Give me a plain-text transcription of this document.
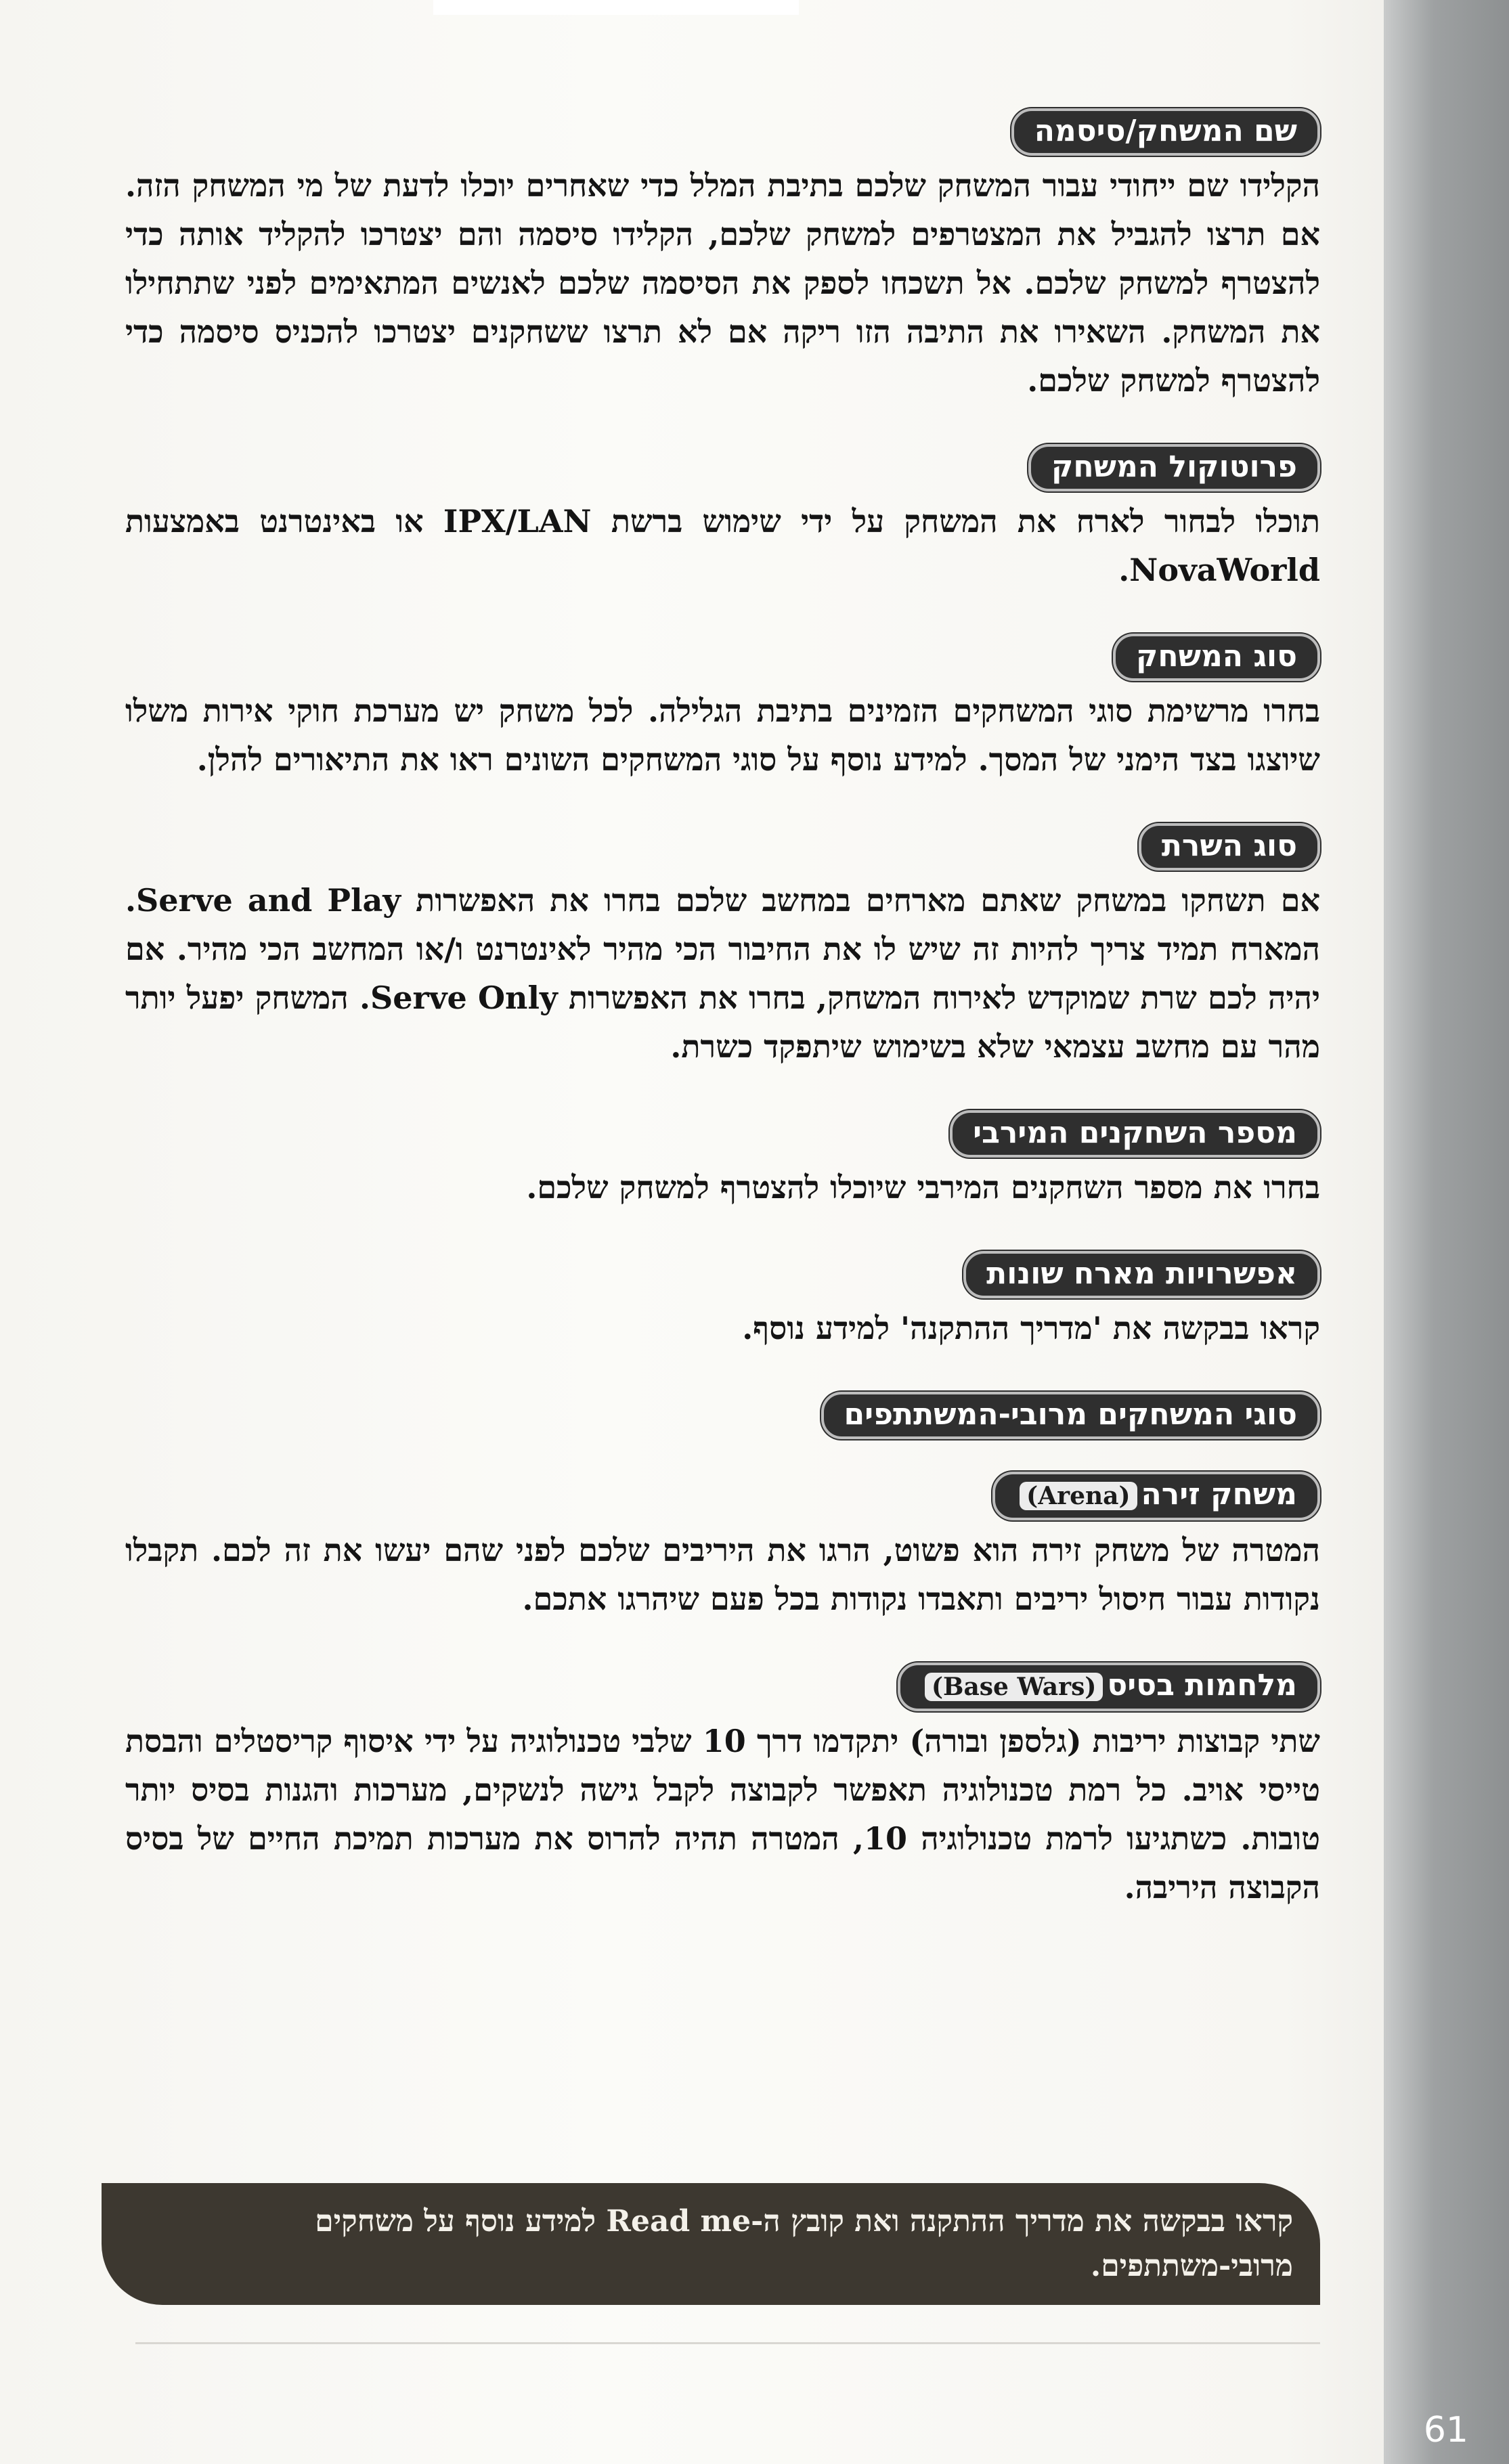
שם המשחק/סיסמה
הקלידו שם ייחודי עבור המשחק שלכם בתיבת המלל כדי שאחרים יוכלו לדעת של מי המשחק הזה. אם תרצו להגביל את המצטרפים למשחק שלכם, הקלידו סיסמה והם יצטרכו להקליד אותה כדי להצטרף למשחק שלכם. אל תשכחו לספק את הסיסמה שלכם לאנשים המתאימים לפני שתתחילו את המשחק. השאירו את התיבה הזו ריקה אם לא תרצו ששחקנים יצטרכו להכניס סיסמה כדי להצטרף למשחק שלכם.
פרוטוקול המשחק
תוכלו לבחור לארח את המשחק על ידי שימוש ברשת IPX/LAN או באינטרנט באמצעות NovaWorld.
סוג המשחק
בחרו מרשימת סוגי המשחקים הזמינים בתיבת הגלילה. לכל משחק יש מערכת חוקי אירות משלו שיוצגו בצד הימני של המסך. למידע נוסף על סוגי המשחקים השונים ראו את התיאורים להלן.
סוג השרת
אם תשחקו במשחק שאתם מארחים במחשב שלכם בחרו את האפשרות Serve and Play. המארח תמיד צריך להיות זה שיש לו את החיבור הכי מהיר לאינטרנט ו/או המחשב הכי מהיר. אם יהיה לכם שרת שמוקדש לאירוח המשחק, בחרו את האפשרות Serve Only. המשחק יפעל יותר מהר עם מחשב עצמאי שלא בשימוש שיתפקד כשרת.
מספר השחקנים המירבי
בחרו את מספר השחקנים המירבי שיוכלו להצטרף למשחק שלכם.
אפשרויות מארח שונות
קראו בבקשה את 'מדריך ההתקנה' למידע נוסף.
סוגי המשחקים מרובי-המשתתפים
משחק זירה(Arena)
המטרה של משחק זירה הוא פשוט, הרגו את היריבים שלכם לפני שהם יעשו את זה לכם. תקבלו נקודות עבור חיסול יריבים ותאבדו נקודות בכל פעם שיהרגו אתכם.
מלחמות בסיס(Base Wars)
שתי קבוצות יריבות (גלספן ובורה) יתקדמו דרך 10 שלבי טכנולוגיה על ידי איסוף קריסטלים והבסת טייסי אויב. כל רמת טכנולוגיה תאפשר לקבוצה לקבל גישה לנשקים, מערכות והגנות בסיס יותר טובות. כשתגיעו לרמת טכנולוגיה 10, המטרה תהיה להרוס את מערכות תמיכת החיים של בסיס הקבוצה היריבה.
קראו בבקשה את מדריך ההתקנה ואת קובץ ה-Read me למידע נוסף על משחקים מרובי-משתתפים.
61
